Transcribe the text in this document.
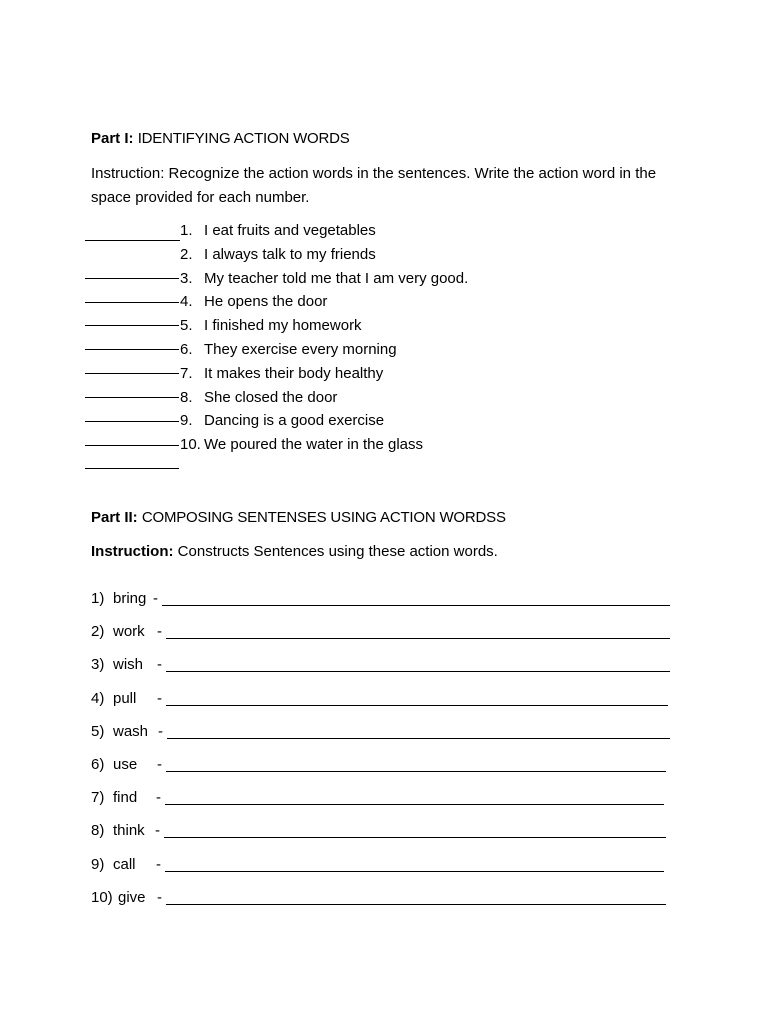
Part I: IDENTIFYING ACTION WORDS
Instruction: Recognize the action words in the sentences. Write the action word in the space provided for each number.
1. I eat fruits and vegetables
2. I always talk to my friends
3. My teacher told me that I am very good.
4. He opens the door
5. I finished my homework
6. They exercise every morning
7. It makes their body healthy
8. She closed the door
9. Dancing is a good exercise
10. We poured the water in the glass
Part II: COMPOSING SENTENSES USING ACTION WORDSS
Instruction: Constructs Sentences using these action words.
1) bring -
2) work -
3) wish -
4) pull -
5) wash -
6) use -
7) find -
8) think -
9) call -
10) give -
